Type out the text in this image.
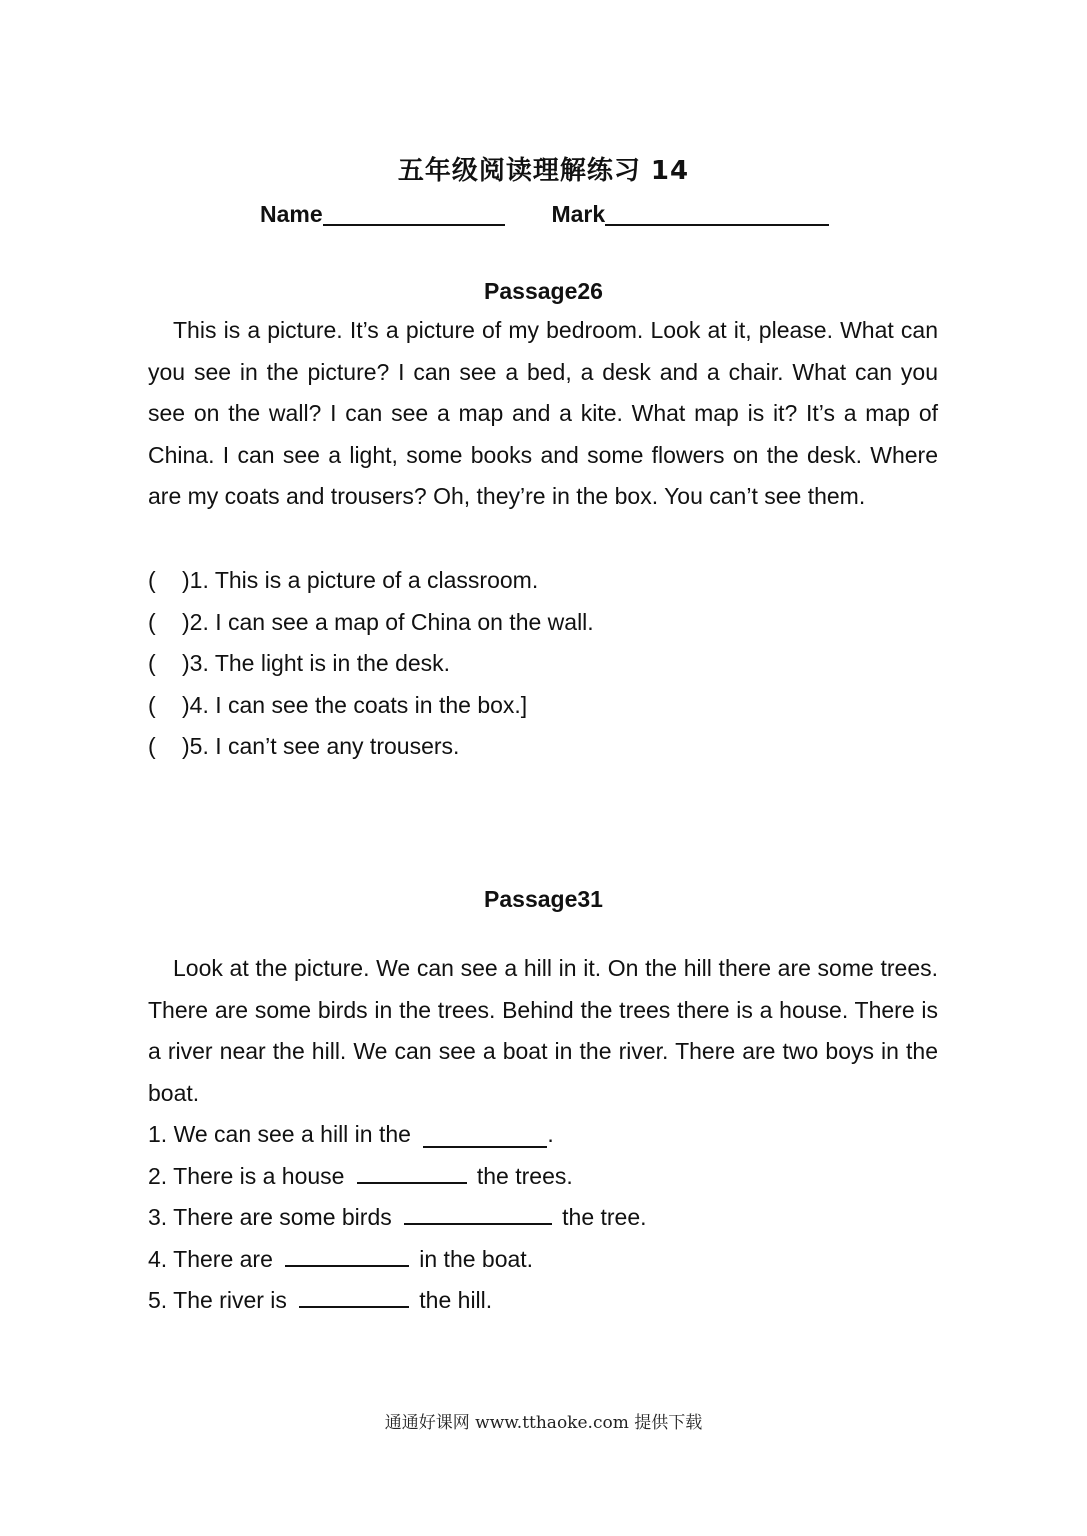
五年级阅读理解练习 14
Name	Mark
Passage26

This is a picture. It’s a picture of my bedroom. Look at it, please. What can you see in the picture? I can see a bed, a desk and a chair. What can you see on the wall? I can see a map and a kite. What map is it? It’s a map of China. I can see a light, some books and some flowers on the desk. Where are my coats and trousers? Oh, they’re in the box. You can’t see them.

( )1. This is a picture of a classroom.
( )2. I can see a map of China on the wall.
( )3. The light is in the desk.
( )4. I can see the coats in the box.]
( )5. I can’t see any trousers.
Passage31

Look at the picture. We can see a hill in it. On the hill there are some trees. There are some birds in the trees. Behind the trees there is a house. There is a river near the hill. We can see a boat in the river. There are two boys in the boat.

1. We can see a hill in the	.
2. There is a house	the trees.
3. There are some birds	the tree.
4. There are	in the boat.
5. The river is	the hill.
通通好课网 www.tthaoke.com 提供下载
